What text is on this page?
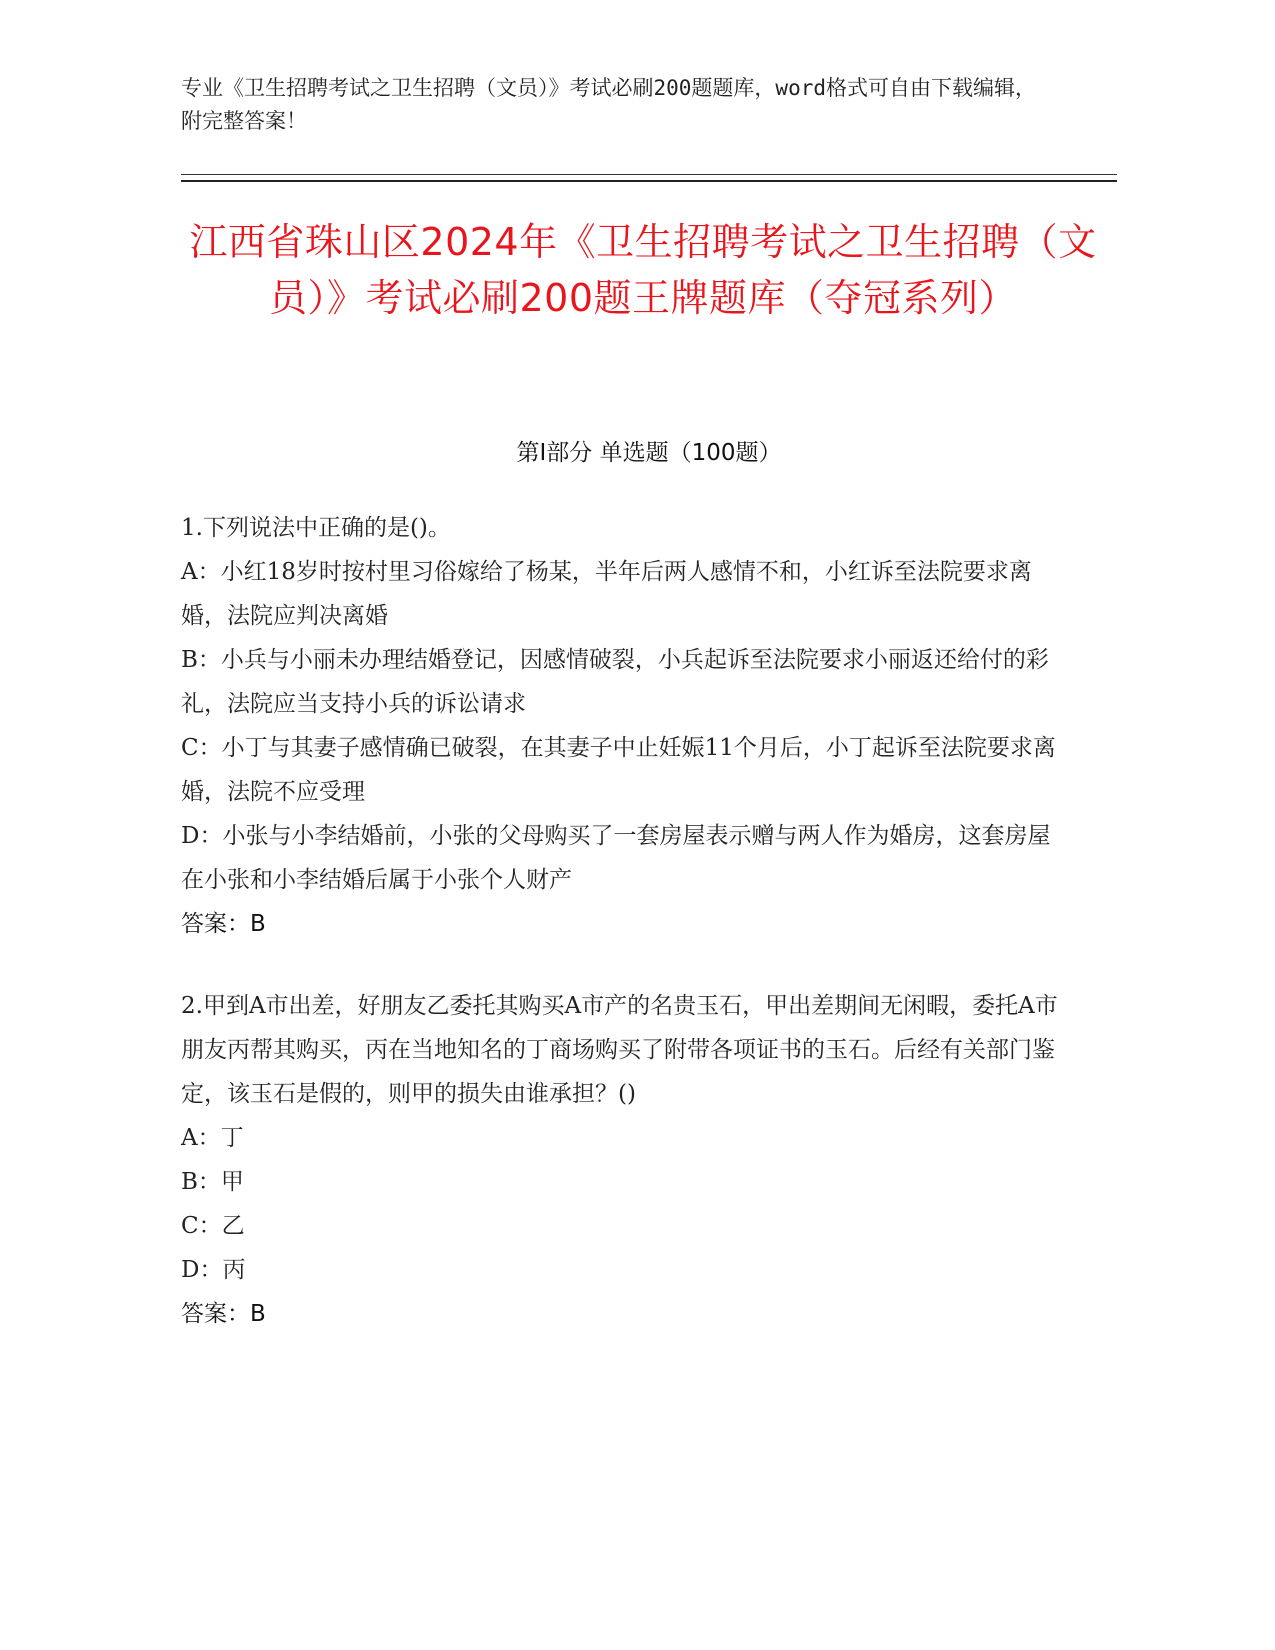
专业《卫生招聘考试之卫生招聘（文员）》考试必刷200题题库，word格式可自由下载编辑，附完整答案！
江西省珠山区2024年《卫生招聘考试之卫生招聘（文员）》考试必刷200题王牌题库（夺冠系列）
第I部分 单选题（100题）
1.下列说法中正确的是()。
A：小红18岁时按村里习俗嫁给了杨某，半年后两人感情不和，小红诉至法院要求离婚，法院应判决离婚
B：小兵与小丽未办理结婚登记，因感情破裂，小兵起诉至法院要求小丽返还给付的彩礼，法院应当支持小兵的诉讼请求
C：小丁与其妻子感情确已破裂，在其妻子中止妊娠11个月后，小丁起诉至法院要求离婚，法院不应受理
D：小张与小李结婚前，小张的父母购买了一套房屋表示赠与两人作为婚房，这套房屋在小张和小李结婚后属于小张个人财产
答案：B
2.甲到A市出差，好朋友乙委托其购买A市产的名贵玉石，甲出差期间无闲暇，委托A市朋友丙帮其购买，丙在当地知名的丁商场购买了附带各项证书的玉石。后经有关部门鉴定，该玉石是假的，则甲的损失由谁承担？()
A：丁
B：甲
C：乙
D：丙
答案：B
